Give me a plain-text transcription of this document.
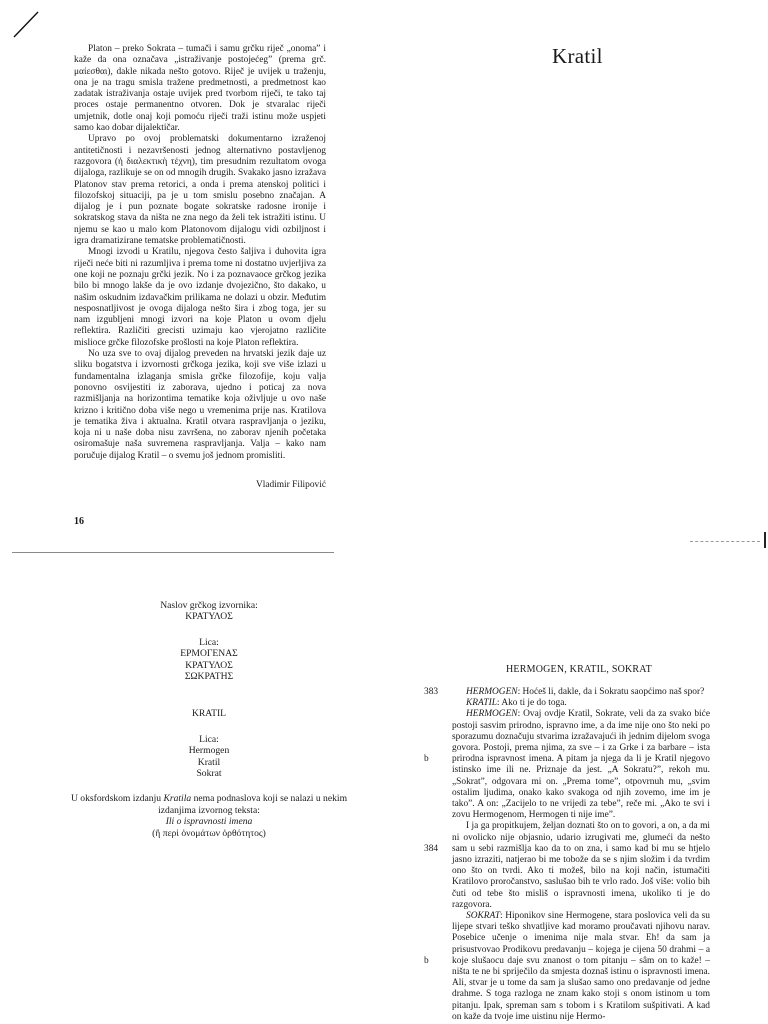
Platon – preko Sokrata – tumači i samu grčku riječ „onoma” i kaže da ona označava „istraživanje postojećeg” (prema grč. μαίεσθαι), dakle nikada nešto gotovo. Riječ je uvijek u traženju, ona je na tragu smisla tražene predmetnosti, a predmetnost kao zadatak istraživanja ostaje uvijek pred tvorbom riječi, te tako taj proces ostaje permanentno otvoren. Dok je stvaralac riječi umjetnik, dotle onaj koji pomoću riječi traži istinu može uspjeti samo kao dobar dijalektičar.

Upravo po ovoj problematski dokumentarno izraženoj antitetičnosti i nezavršenosti jednog alternativno postavljenog razgovora (ἡ διαλεκτικὴ τέχνη), tim presudnim rezultatom ovoga dijaloga, razlikuje se on od mnogih drugih. Svakako jasno izražava Platonov stav prema retorici, a onda i prema atenskoj politici i filozofskoj situaciji, pa je u tom smislu posebno značajan. A dijalog je i pun poznate bogate sokratske radosne ironije i sokratskog stava da ništa ne zna nego da želi tek istražiti istinu. U njemu se kao u malo kom Platonovom dijalogu vidi ozbiljnost i igra dramatizirane tematske problematičnosti.

Mnogi izvodi u Kratilu, njegova često šaljiva i duhovita igra riječi neće biti ni razumljiva i prema tome ni dostatno uvjerljiva za one koji ne poznaju grčki jezik. No i za poznavaoce grčkog jezika bilo bi mnogo lakše da je ovo izdanje dvojezično, što dakako, u našim oskudnim izdavačkim prilikama ne dolazi u obzir. Međutim nesposnatljivost je ovoga dijaloga nešto šira i zbog toga, jer su nam izgubljeni mnogi izvori na koje Platon u ovom djelu reflektira. Različiti grecisti uzimaju kao vjerojatno različite mislioce grčke filozofske prošlosti na koje Platon reflektira.

No uza sve to ovaj dijalog preveden na hrvatski jezik daje uz sliku bogatstva i izvornosti grčkoga jezika, koji sve više izlazi u fundamentalna izlaganja smisla grčke filozofije, koju valja ponovno osvijestiti iz zaborava, ujedno i poticaj za nova razmišljanja na horizontima tematike koja oživljuje u ovo naše krizno i kritično doba više nego u vremenima prije nas. Kratilova je tematika živa i aktualna. Kratil otvara raspravljanja o jeziku, koja ni u naše doba nisu završena, no zaborav njenih početaka osiromašuje naša suvremena raspravljanja. Valja – kako nam poručuje dijalog Kratil – o svemu još jednom promisliti.

Vladimir Filipović
16
Kratil
Naslov grčkog izvornika:
ΚΡΑΤΥΛΟΣ
Lica:
ΕΡΜΟΓΕΝΑΣ
ΚΡΑΤΥΛΟΣ
ΣΩΚΡΑΤΗΣ
KRATIL
Lica:
Hermogen
Kratil
Sokrat
U oksfordskom izdanju Kratila nema podnaslova koji se nalazi u nekim izdanjima izvornog teksta:
Ili o ispravnosti imena
(ἢ περὶ ὀνομάτων ὀρθότητος)
HERMOGEN, KRATIL, SOKRAT
383
b
384
b

HERMOGEN: Hoćeš li, dakle, da i Sokratu saopćimo naš spor?

KRATIL: Ako ti je do toga.

HERMOGEN: Ovaj ovdje Kratil, Sokrate, veli da za svako biće postoji sasvim prirodno, ispravno ime, a da ime nije ono što neki po sporazumu doznačuju stvarima izražavajući ih jednim dijelom svoga govora. Postoji, prema njima, za sve – i za Grke i za barbare – ista prirodna ispravnost imena. A pitam ja njega da li je Kratil njegovo istinsko ime ili ne. Priznaje da jest. „A Sokratu?”, rekoh mu. „Sokrat”, odgovara mi on. „Prema tome”, otpovrnuh mu, „svim ostalim ljudima, onako kako svakoga od njih zovemo, ime im je tako”. A on: „Zacijelo to ne vrijedi za tebe”, reče mi. „Ako te svi i zovu Hermogenom, Hermogen ti nije ime”.

I ja ga propitkujem, željan doznati što on to govori, a on, a da mi ni ovolicko nije objasnio, udario izrugivati me, glumeći da nešto sam u sebi razmišlja kao da to on zna, i samo kad bi mu se htjelo jasno izraziti, natjerao bi me tobože da se s njim složim i da tvrdim ono što on tvrdi. Ako ti možeš, bilo na koji način, istumačiti Kratilovo proročanstvo, saslušao bih te vrlo rado. Još više: volio bih čuti od tebe što misliš o ispravnosti imena, ukoliko ti je do razgovora.

SOKRAT: Hiponikov sine Hermogene, stara poslovica veli da su lijepe stvari teško shvatljive kad moramo proučavati njihovu narav. Posebice učenje o imenima nije mala stvar. Eh! da sam ja prisustvovao Prodikovu predavanju – kojega je cijena 50 drahmi – a koje slušaocu daje svu znanost o tom pitanju – sâm on to kaže! – ništa te ne bi spriječilo da smjesta doznaš istinu o ispravnosti imena. Ali, stvar je u tome da sam ja slušao samo ono predavanje od jedne drahme. S toga razloga ne znam kako stoji s onom istinom u tom pitanju. Ipak, spreman sam s tobom i s Kratilom sušpitivati. A kad on kaže da tvoje ime uistinu nije Hermo-
